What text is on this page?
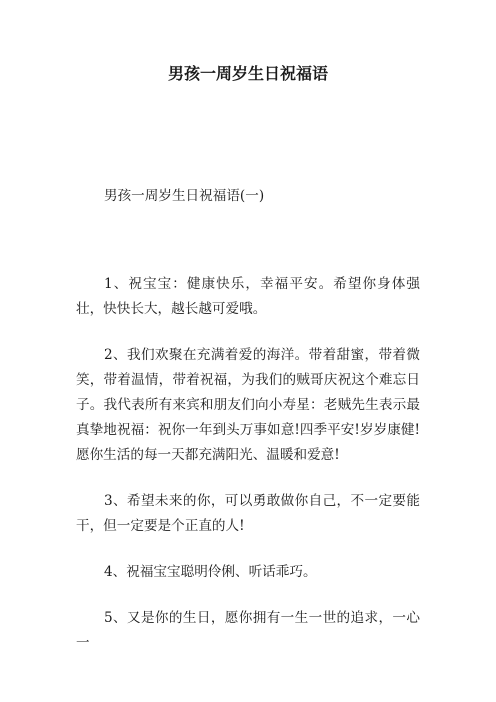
男孩一周岁生日祝福语

男孩一周岁生日祝福语(一)

1、祝宝宝：健康快乐，幸福平安。希望你身体强壮，快快长大，越长越可爱哦。

2、我们欢聚在充满着爱的海洋。带着甜蜜，带着微笑，带着温情，带着祝福，为我们的贼哥庆祝这个难忘日子。我代表所有来宾和朋友们向小寿星：老贼先生表示最真挚地祝福：祝你一年到头万事如意!四季平安!岁岁康健!愿你生活的每一天都充满阳光、温暖和爱意!

3、希望未来的你，可以勇敢做你自己，不一定要能干，但一定要是个正直的人!

4、祝福宝宝聪明伶俐、听话乖巧。

5、又是你的生日，愿你拥有一生一世的追求，一心一
